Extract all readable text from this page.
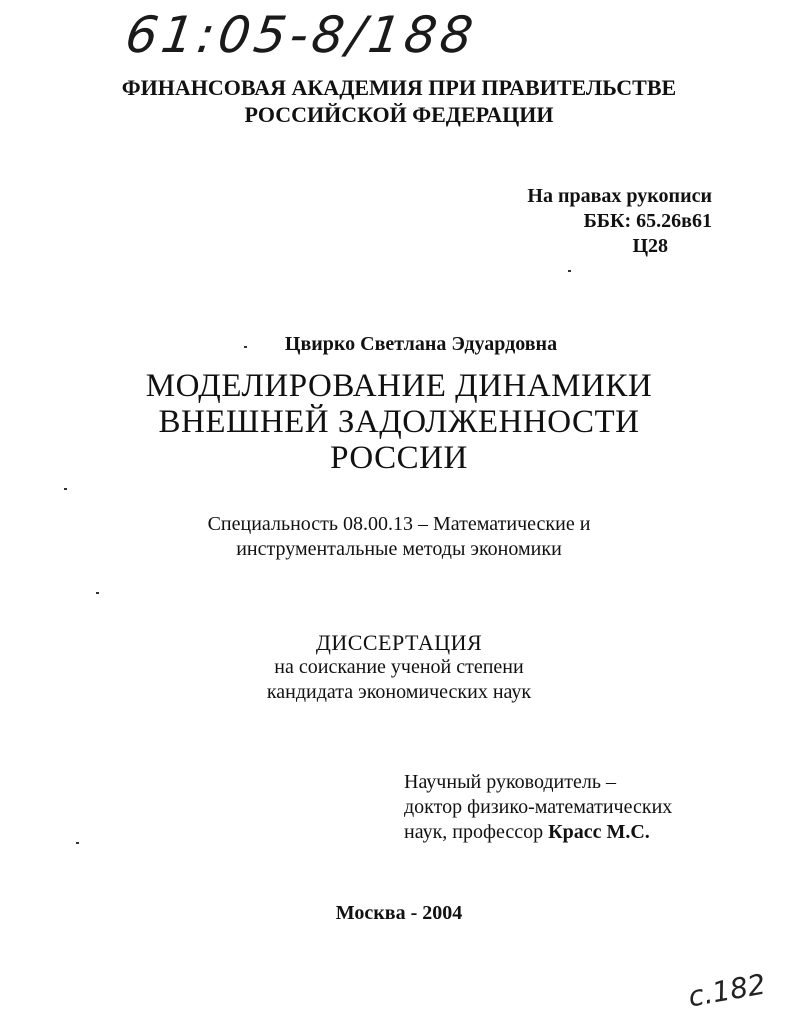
61:05-8/188
ФИНАНСОВАЯ АКАДЕМИЯ ПРИ ПРАВИТЕЛЬСТВЕ
РОССИЙСКОЙ ФЕДЕРАЦИИ
На правах рукописи
ББК: 65.26в61
Ц28
Цвирко Светлана Эдуардовна
МОДЕЛИРОВАНИЕ ДИНАМИКИ
ВНЕШНЕЙ ЗАДОЛЖЕННОСТИ
РОССИИ
Специальность 08.00.13 – Математические и
инструментальные методы экономики
ДИССЕРТАЦИЯ
на соискание ученой степени
кандидата экономических наук
Научный руководитель –
доктор физико-математических
наук, профессор Красс М.С.
Москва - 2004
с.182
